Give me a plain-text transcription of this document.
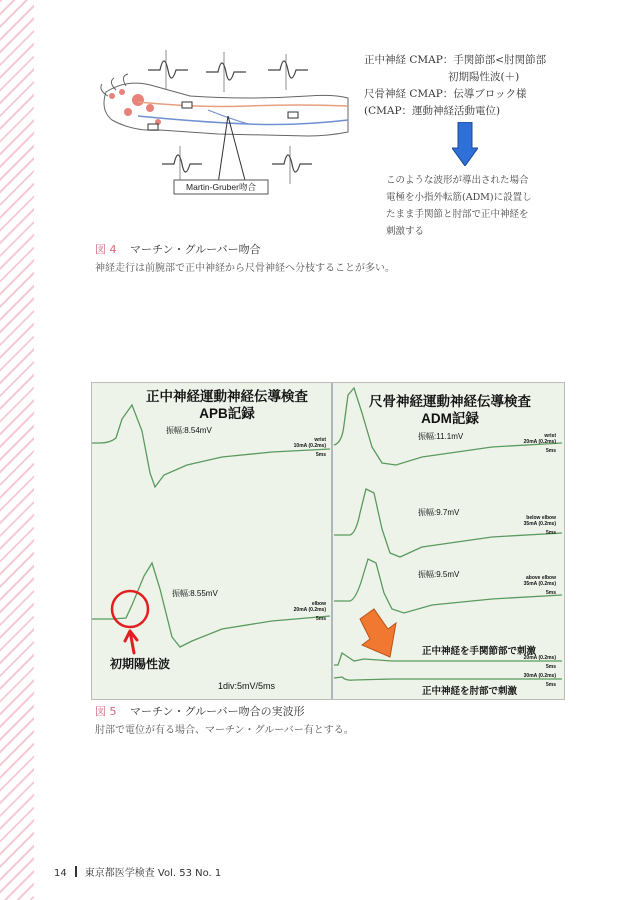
Martin-Gruber吻合
正中神経 CMAP：手関節部<肘関節部
初期陽性波(＋)
尺骨神経 CMAP：伝導ブロック様
(CMAP：運動神経活動電位)
このような波形が導出された場合
電極を小指外転筋(ADM)に設置し
たまま手関節と肘部で正中神経を
刺激する
図 4 マーチン・グルーバー吻合
神経走行は前腕部で正中神経から尺骨神経へ分枝することが多い。
正中神経運動神経伝導検査
APB記録
振幅:8.54mV
wrist
10mA (0.2ms)
5ms
振幅:8.55mV
elbow
20mA (0.2ms)
5ms
初期陽性波
1div:5mV/5ms
尺骨神経運動神経伝導検査
ADM記録
振幅:11.1mV	wrist
20mA (0.2ms)
5ms
振幅:9.7mV
below elbow
35mA (0.2ms)
5ms
振幅:9.5mV	above elbow
35mA (0.2ms)
5ms
正中神経を手関節部で刺激
20mA (0.2ms)
5ms
正中神経を肘部で刺激
30mA (0.2ms)
5ms
図 5 マーチン・グルーバー吻合の実波形
肘部で電位が有る場合、マーチン・グルーバー有とする。
14 東京都医学検査 Vol. 53 No. 1
